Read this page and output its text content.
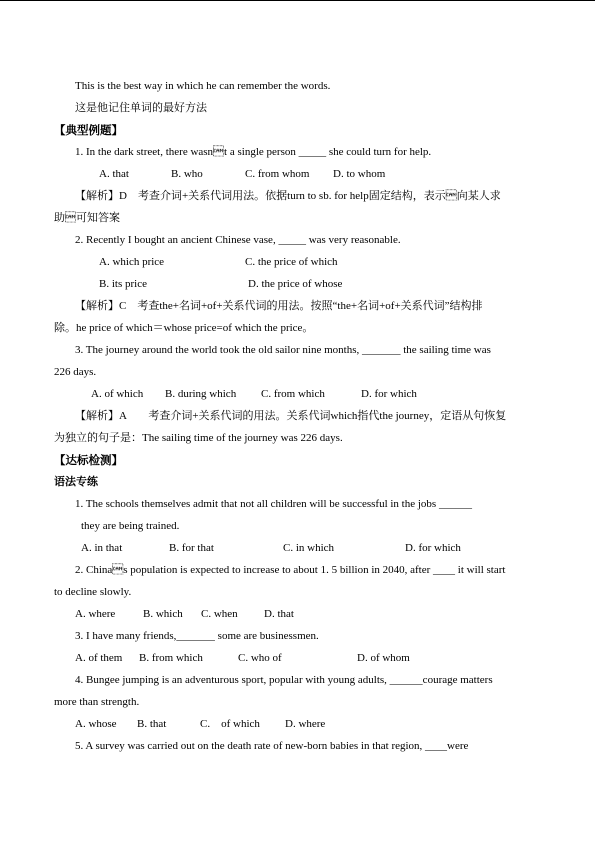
This is the best way in which he can remember the words.
这是他记住单词的最好方法
【典型例题】
1. In the dark street, there wasnt a single person _____ she could turn for help.
A. that	B. who	C. from whom D. to whom
【解析】D　考查介词+关系代词用法。依据turn to sb. for help固定结构，表示向某人求
助可知答案
2. Recently I bought an ancient Chinese vase, _____ was very reasonable.
A. which price	C. the price of which
B. its price	D. the price of whose
【解析】C　考查the+名词+of+关系代词的用法。按照“the+名词+of+关系代词”结构排
除。he price of which＝whose price=of which the price。
3. The journey around the world took the old sailor nine months, _______ the sailing time was
226 days.
A. of which B. during which C. from which	D. for which
【解析】A　　考查介词+关系代词的用法。关系代词which指代the journey，定语从句恢复
为独立的句子是：The sailing time of the journey was 226 days.
【达标检测】
语法专练
1. The schools themselves admit that not all children will be successful in the jobs ______
they are being trained.
A. in that	B. for that	C. in which	D. for which
2. Chinas population is expected to increase to about 1. 5 billion in 2040, after ____ it will start
to decline slowly.
A. where	B. which C. when D. that
3. I have many friends,_______ some are businessmen.
A. of them B. from which	C. who of	D. of whom
4. Bungee jumping is an adventurous sport, popular with young adults, ______courage matters
more than strength.
A. whose B. that	C.　of which D. where
5. A survey was carried out on the death rate of new-born babies in that region, ____were
